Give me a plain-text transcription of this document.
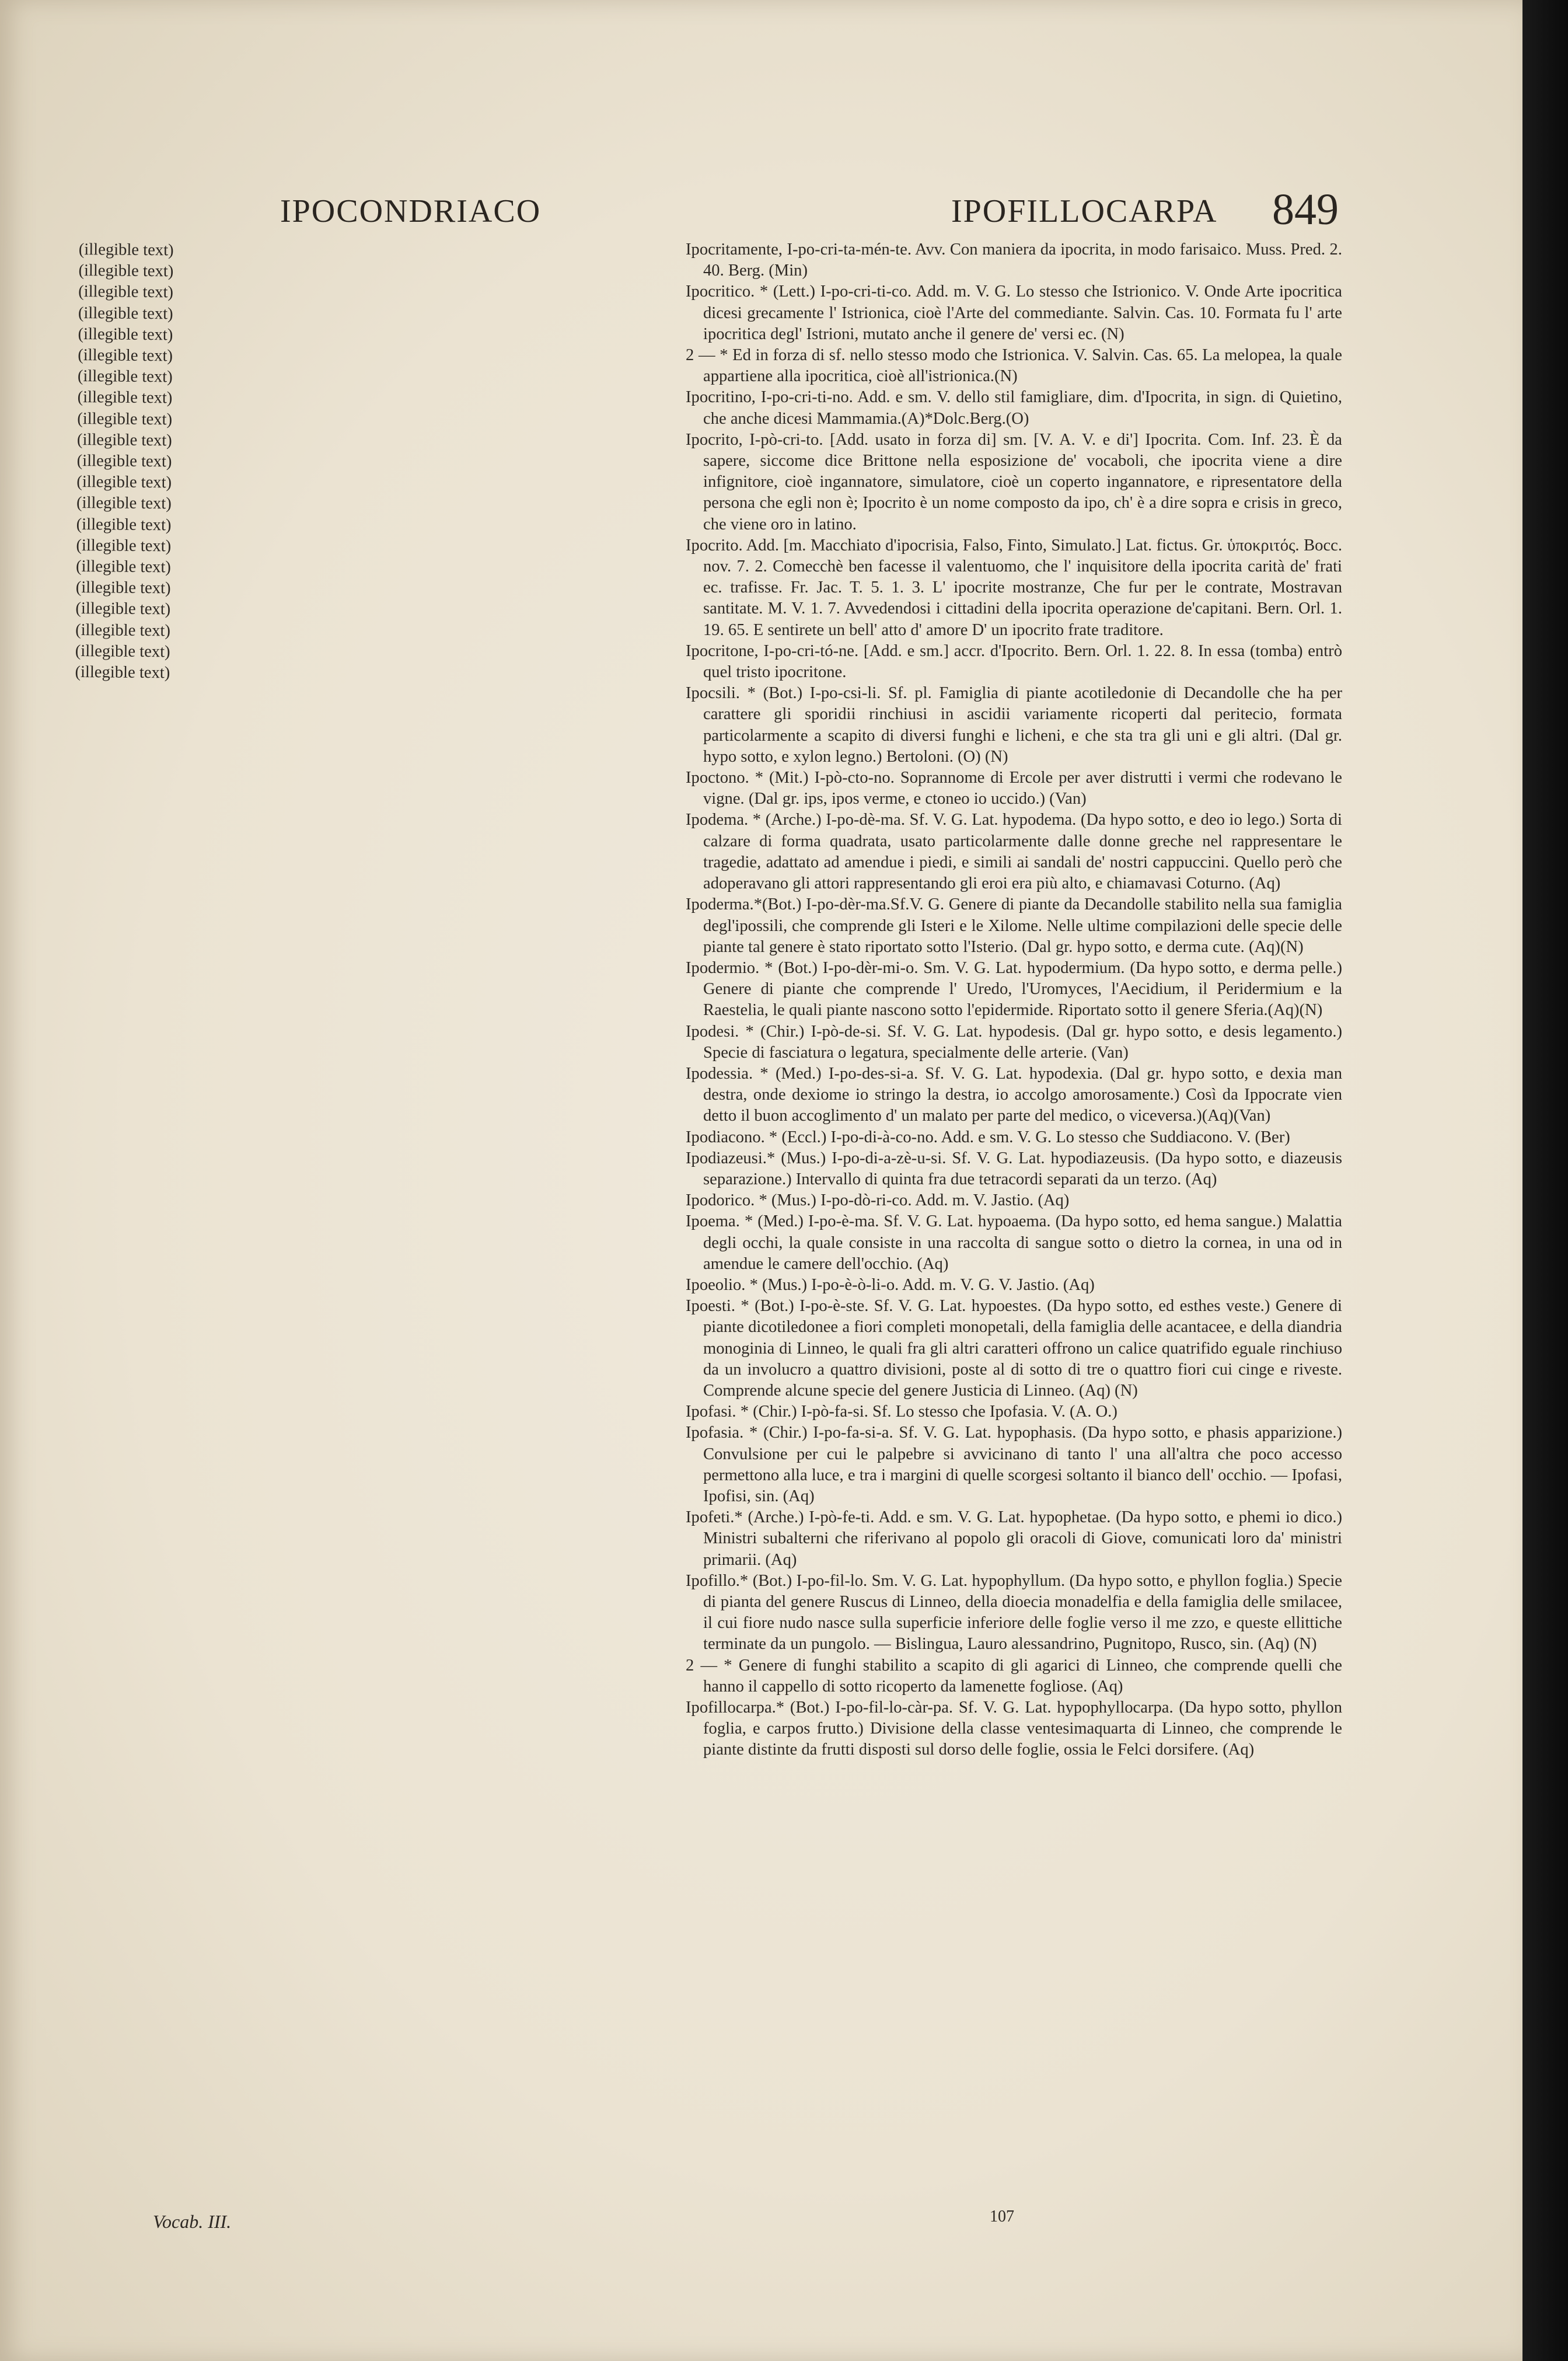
IPOCONDRIACO	IPOFILLOCARPA 849

(illegible text)

(illegible text)

(illegible text)

(illegible text)

(illegible text)

(illegible text)

(illegible text)

(illegible text)

(illegible text)

(illegible text)

(illegible text)

(illegible text)

(illegible text)

(illegible text)

(illegible text)

(illegible text)

(illegible text)

(illegible text)

(illegible text)

(illegible text)

(illegible text)

Ipocritamente, I-po-cri-ta-mén-te. Avv. Con maniera da ipocrita, in modo farisaico. Muss. Pred. 2. 40. Berg. (Min)

Ipocritico. * (Lett.) I-po-cri-ti-co. Add. m. V. G. Lo stesso che Istrionico. V. Onde Arte ipocritica dicesi grecamente l' Istrionica, cioè l'Arte del commediante. Salvin. Cas. 10. Formata fu l' arte ipocritica degl' Istrioni, mutato anche il genere de' versi ec. (N)

2 — * Ed in forza di sf. nello stesso modo che Istrionica. V. Salvin. Cas. 65. La melopea, la quale appartiene alla ipocritica, cioè all'istrionica.(N)

Ipocritino, I-po-cri-ti-no. Add. e sm. V. dello stil famigliare, dim. d'Ipocrita, in sign. di Quietino, che anche dicesi Mammamia.(A)*Dolc.Berg.(O)

Ipocrito, I-pò-cri-to. [Add. usato in forza di] sm. [V. A. V. e di'] Ipocrita. Com. Inf. 23. È da sapere, siccome dice Brittone nella esposizione de' vocaboli, che ipocrita viene a dire infignitore, cioè ingannatore, simulatore, cioè un coperto ingannatore, e ripresentatore della persona che egli non è; Ipocrito è un nome composto da ipo, ch' è a dire sopra e crisis in greco, che viene oro in latino.

Ipocrito. Add. [m. Macchiato d'ipocrisia, Falso, Finto, Simulato.] Lat. fictus. Gr. ὑποκριτός. Bocc. nov. 7. 2. Comecchè ben facesse il valentuomo, che l' inquisitore della ipocrita carità de' frati ec. trafisse. Fr. Jac. T. 5. 1. 3. L' ipocrite mostranze, Che fur per le contrate, Mostravan santitate. M. V. 1. 7. Avvedendosi i cittadini della ipocrita operazione de'capitani. Bern. Orl. 1. 19. 65. E sentirete un bell' atto d' amore D' un ipocrito frate traditore.

Ipocritone, I-po-cri-tó-ne. [Add. e sm.] accr. d'Ipocrito. Bern. Orl. 1. 22. 8. In essa (tomba) entrò quel tristo ipocritone.

Ipocsili. * (Bot.) I-po-csi-li. Sf. pl. Famiglia di piante acotiledonie di Decandolle che ha per carattere gli sporidii rinchiusi in ascidii variamente ricoperti dal peritecio, formata particolarmente a scapito di diversi funghi e licheni, e che sta tra gli uni e gli altri. (Dal gr. hypo sotto, e xylon legno.) Bertoloni. (O) (N)

Ipoctono. * (Mit.) I-pò-cto-no. Soprannome di Ercole per aver distrutti i vermi che rodevano le vigne. (Dal gr. ips, ipos verme, e ctoneo io uccido.) (Van)

Ipodema. * (Arche.) I-po-dè-ma. Sf. V. G. Lat. hypodema. (Da hypo sotto, e deo io lego.) Sorta di calzare di forma quadrata, usato particolarmente dalle donne greche nel rappresentare le tragedie, adattato ad amendue i piedi, e simili ai sandali de' nostri cappuccini. Quello però che adoperavano gli attori rappresentando gli eroi era più alto, e chiamavasi Coturno. (Aq)

Ipoderma.*(Bot.) I-po-dèr-ma.Sf.V. G. Genere di piante da Decandolle stabilito nella sua famiglia degl'ipossili, che comprende gli Isteri e le Xilome. Nelle ultime compilazioni delle specie delle piante tal genere è stato riportato sotto l'Isterio. (Dal gr. hypo sotto, e derma cute. (Aq)(N)

Ipodermio. * (Bot.) I-po-dèr-mi-o. Sm. V. G. Lat. hypodermium. (Da hypo sotto, e derma pelle.) Genere di piante che comprende l' Uredo, l'Uromyces, l'Aecidium, il Peridermium e la Raestelia, le quali piante nascono sotto l'epidermide. Riportato sotto il genere Sferia.(Aq)(N)

Ipodesi. * (Chir.) I-pò-de-si. Sf. V. G. Lat. hypodesis. (Dal gr. hypo sotto, e desis legamento.) Specie di fasciatura o legatura, specialmente delle arterie. (Van)

Ipodessia. * (Med.) I-po-des-si-a. Sf. V. G. Lat. hypodexia. (Dal gr. hypo sotto, e dexia man destra, onde dexiome io stringo la destra, io accolgo amorosamente.) Così da Ippocrate vien detto il buon accoglimento d' un malato per parte del medico, o viceversa.)(Aq)(Van)

Ipodiacono. * (Eccl.) I-po-di-à-co-no. Add. e sm. V. G. Lo stesso che Suddiacono. V. (Ber)

Ipodiazeusi.* (Mus.) I-po-di-a-zè-u-si. Sf. V. G. Lat. hypodiazeusis. (Da hypo sotto, e diazeusis separazione.) Intervallo di quinta fra due tetracordi separati da un terzo. (Aq)

Ipodorico. * (Mus.) I-po-dò-ri-co. Add. m. V. Jastio. (Aq)

Ipoema. * (Med.) I-po-è-ma. Sf. V. G. Lat. hypoaema. (Da hypo sotto, ed hema sangue.) Malattia degli occhi, la quale consiste in una raccolta di sangue sotto o dietro la cornea, in una od in amendue le camere dell'occhio. (Aq)

Ipoeolio. * (Mus.) I-po-è-ò-li-o. Add. m. V. G. V. Jastio. (Aq)

Ipoesti. * (Bot.) I-po-è-ste. Sf. V. G. Lat. hypoestes. (Da hypo sotto, ed esthes veste.) Genere di piante dicotiledonee a fiori completi monopetali, della famiglia delle acantacee, e della diandria monoginia di Linneo, le quali fra gli altri caratteri offrono un calice quatrifido eguale rinchiuso da un involucro a quattro divisioni, poste al di sotto di tre o quattro fiori cui cinge e riveste. Comprende alcune specie del genere Justicia di Linneo. (Aq) (N)

Ipofasi. * (Chir.) I-pò-fa-si. Sf. Lo stesso che Ipofasia. V. (A. O.)

Ipofasia. * (Chir.) I-po-fa-si-a. Sf. V. G. Lat. hypophasis. (Da hypo sotto, e phasis apparizione.) Convulsione per cui le palpebre si avvicinano di tanto l' una all'altra che poco accesso permettono alla luce, e tra i margini di quelle scorgesi soltanto il bianco dell' occhio. — Ipofasi, Ipofisi, sin. (Aq)

Ipofeti.* (Arche.) I-pò-fe-ti. Add. e sm. V. G. Lat. hypophetae. (Da hypo sotto, e phemi io dico.) Ministri subalterni che riferivano al popolo gli oracoli di Giove, comunicati loro da' ministri primarii. (Aq)

Ipofillo.* (Bot.) I-po-fil-lo. Sm. V. G. Lat. hypophyllum. (Da hypo sotto, e phyllon foglia.) Specie di pianta del genere Ruscus di Linneo, della dioecia monadelfia e della famiglia delle smilacee, il cui fiore nudo nasce sulla superficie inferiore delle foglie verso il me zzo, e queste ellittiche terminate da un pungolo. — Bislingua, Lauro alessandrino, Pugnitopo, Rusco, sin. (Aq) (N)

2 — * Genere di funghi stabilito a scapito di gli agarici di Linneo, che comprende quelli che hanno il cappello di sotto ricoperto da lamenette fogliose. (Aq)

Ipofillocarpa.* (Bot.) I-po-fil-lo-càr-pa. Sf. V. G. Lat. hypophyllocarpa. (Da hypo sotto, phyllon foglia, e carpos frutto.) Divisione della classe ventesimaquarta di Linneo, che comprende le piante distinte da frutti disposti sul dorso delle foglie, ossia le Felci dorsifere. (Aq)

Vocab. III.	107
